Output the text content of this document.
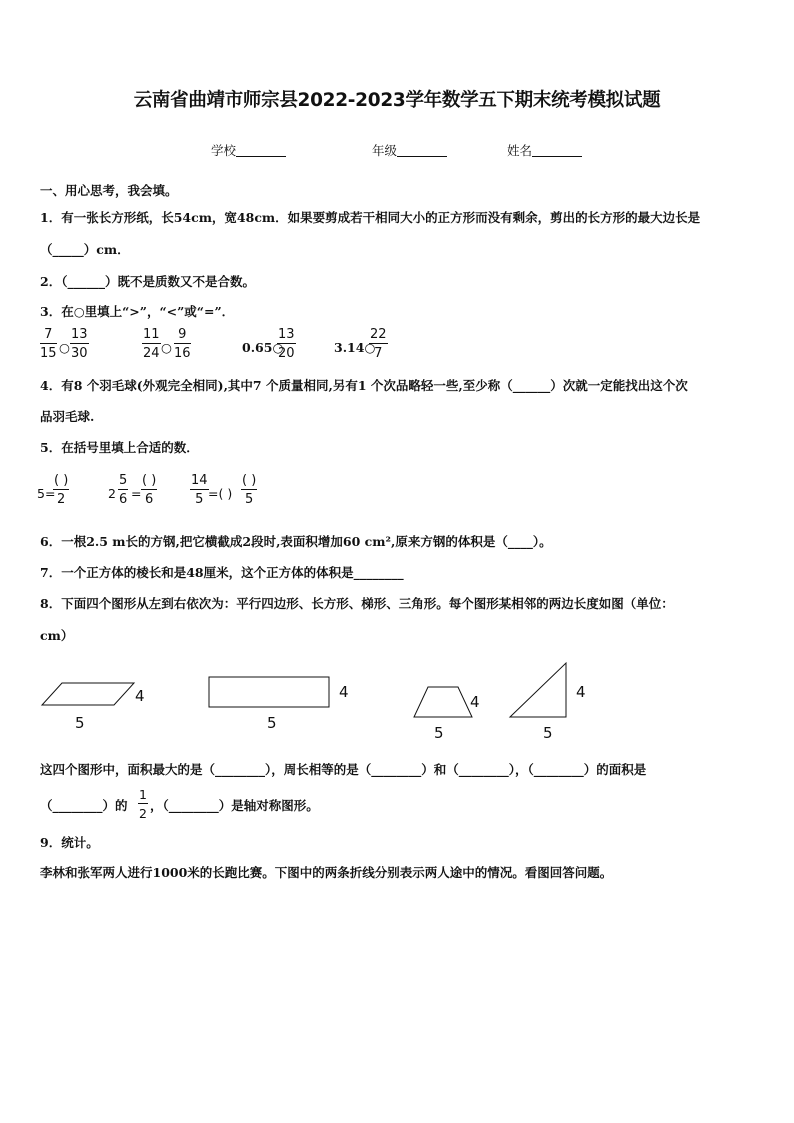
云南省曲靖市师宗县2022-2023学年数学五下期末统考模拟试题
学校	年级	姓名
一、用心思考，我会填。
1．有一张长方形纸，长54cm，宽48cm．如果要剪成若干相同大小的正方形而没有剩余，剪出的长方形的最大边长是
（_____）cm．
2．（______）既不是质数又不是合数。
3．在○里填上“>”，“<”或“=”．
7
15 ○
13
30
11
24 ○
9
16	0.65○
13
20	3.14○
22
7
4．有8 个羽毛球(外观完全相同),其中7 个质量相同,另有1 个次品略轻一些,至少称（______）次就一定能找出这个次
品羽毛球.
5．在括号里填上合适的数．
5=
( )
2	2
5
6 =
( )
6
14
5 =( )
( )
5
6．一根2.5 m长的方钢,把它横截成2段时,表面积增加60 cm²,原来方钢的体积是（____）。
7．一个正方体的棱长和是48厘米，这个正方体的体积是________
8．下面四个图形从左到右依次为：平行四边形、长方形、梯形、三角形。每个图形某相邻的两边长度如图（单位：
cm）
4
5
4
5
4
5
4
5
这四个图形中，面积最大的是（________），周长相等的是（________）和（________），（________）的面积是
（________）的
1
2
，（________）是轴对称图形。
9．统计。
李林和张军两人进行1000米的长跑比赛。下图中的两条折线分别表示两人途中的情况。看图回答问题。
